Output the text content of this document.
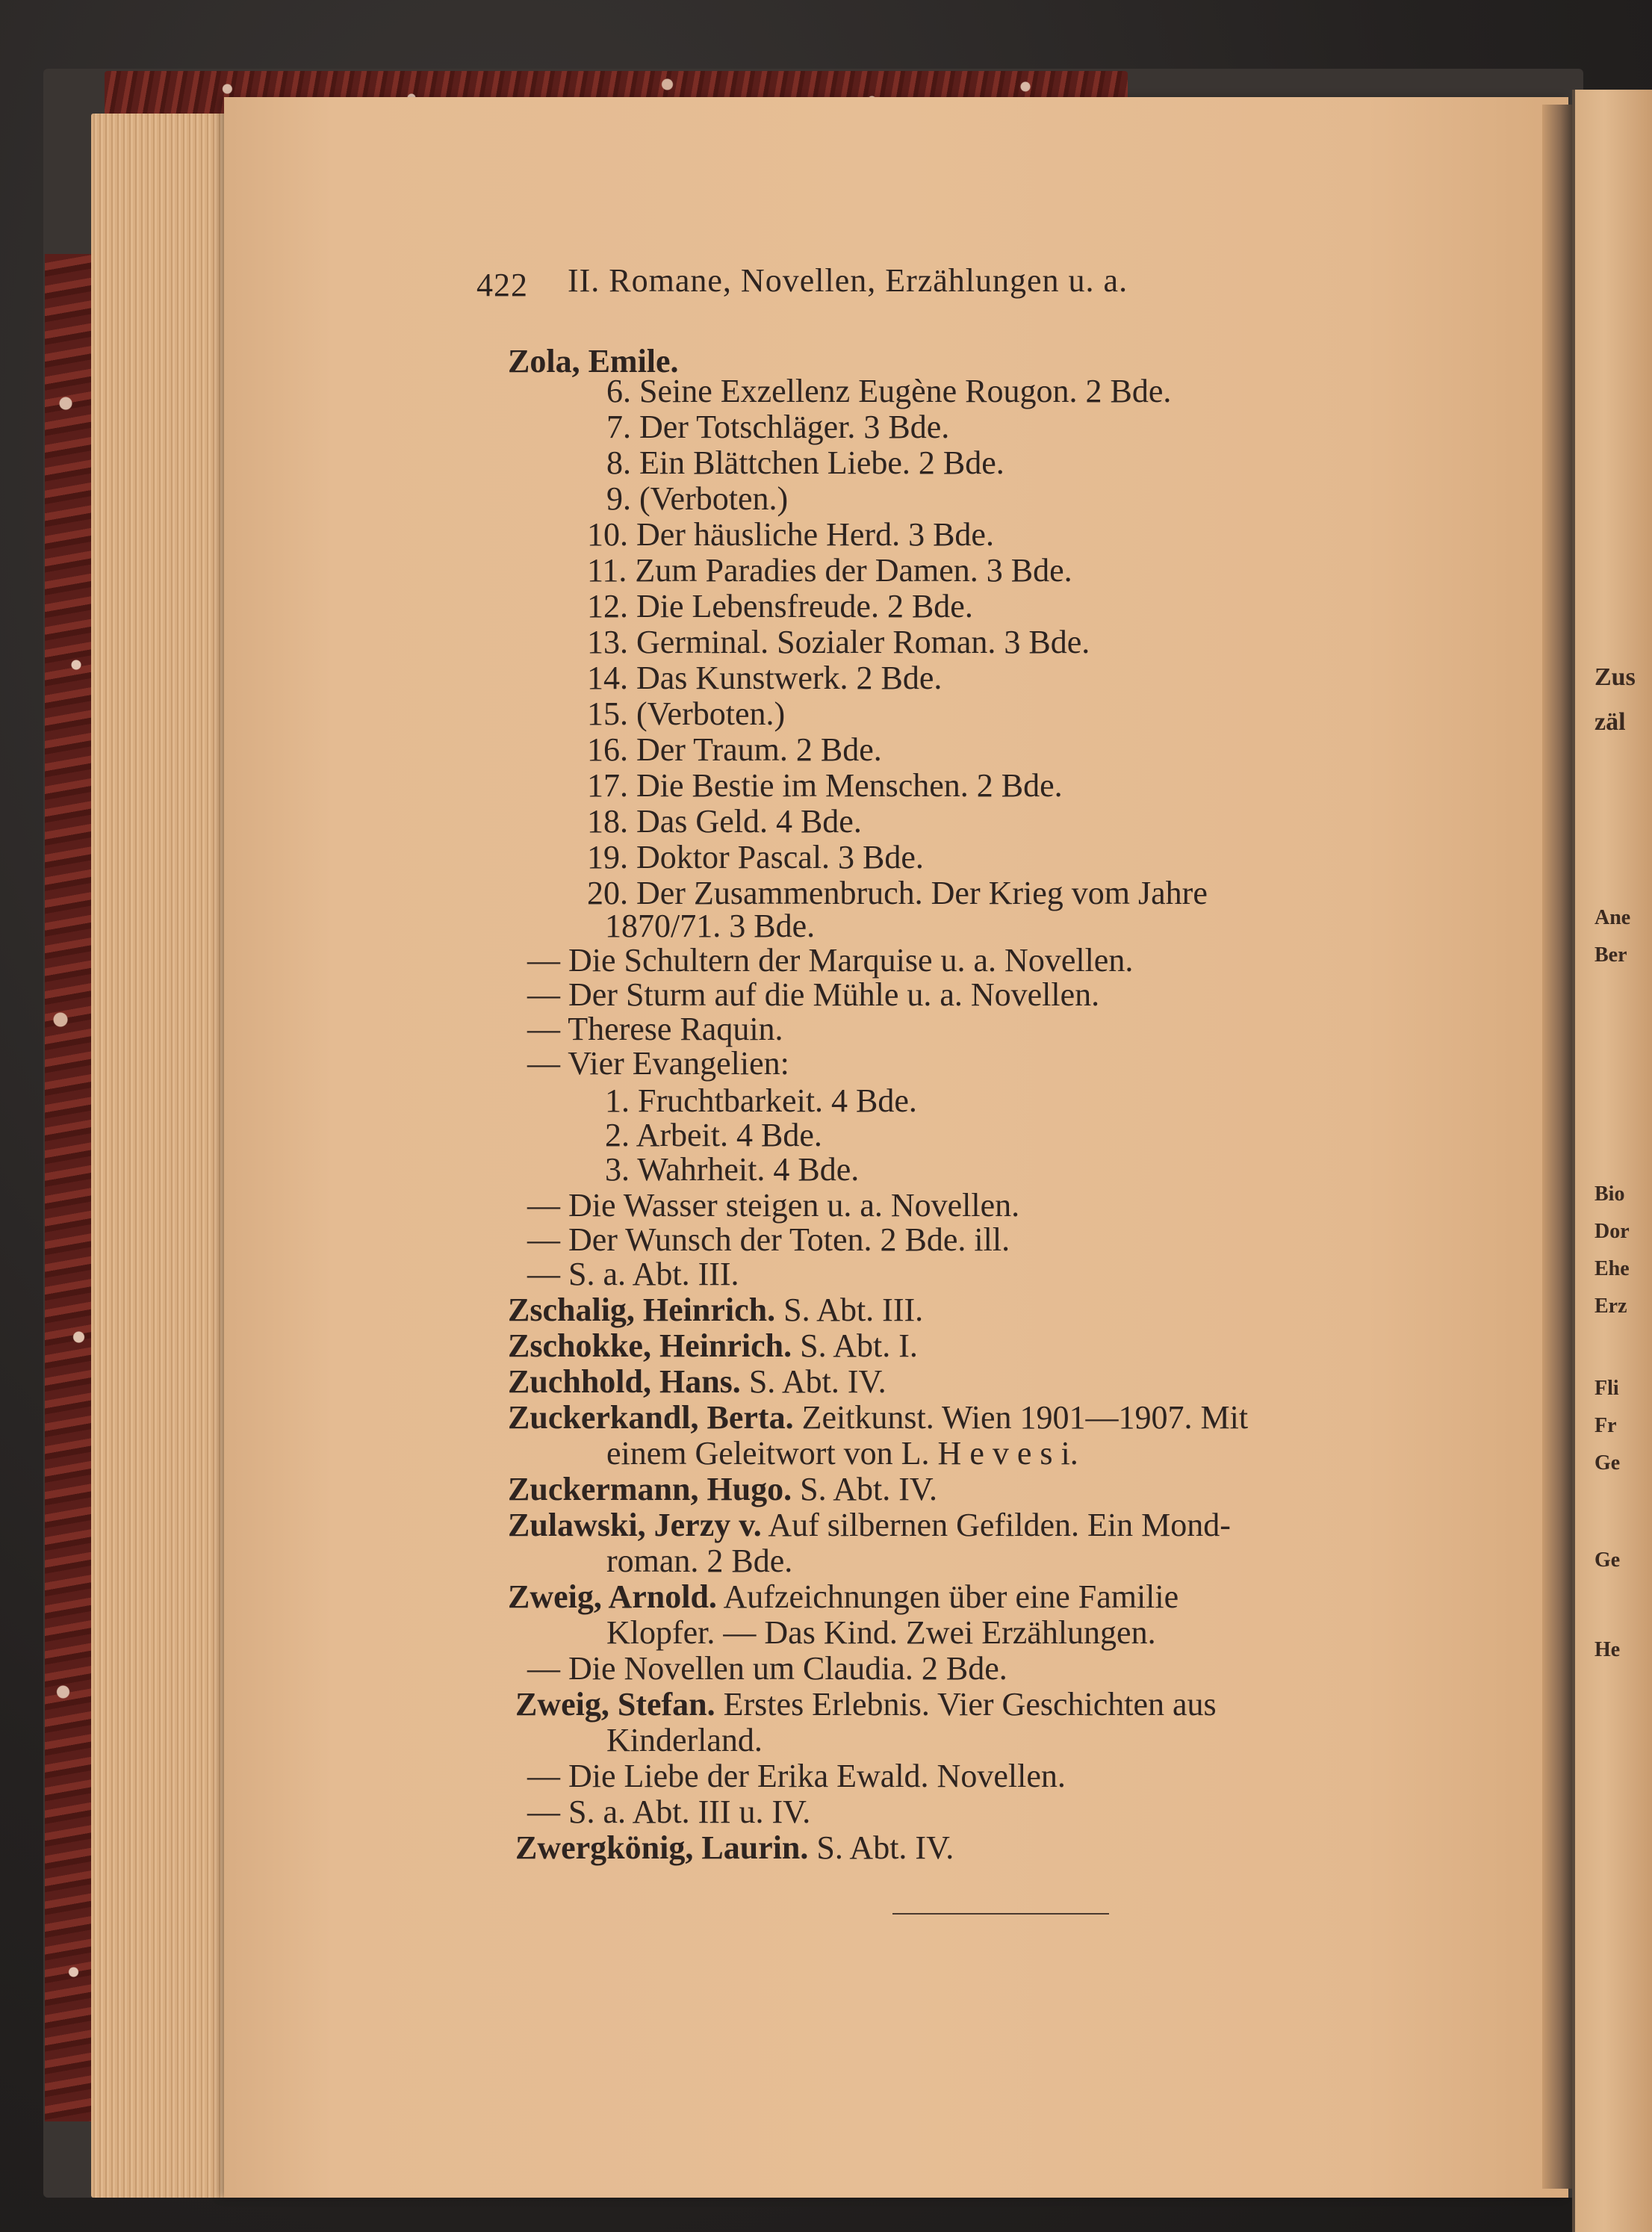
Zus
zäl
Ane
Ber
Bio
Dor
Ehe
Erz
Fli
Fr
Ge
Ge
He
422 II. Romane, Novellen, Erzählungen u. a.
Zola, Emile.
6. Seine Exzellenz Eugène Rougon. 2 Bde.
7. Der Totschläger. 3 Bde.
8. Ein Blättchen Liebe. 2 Bde.
9. (Verboten.)
10. Der häusliche Herd. 3 Bde.
11. Zum Paradies der Damen. 3 Bde.
12. Die Lebensfreude. 2 Bde.
13. Germinal. Sozialer Roman. 3 Bde.
14. Das Kunstwerk. 2 Bde.
15. (Verboten.)
16. Der Traum. 2 Bde.
17. Die Bestie im Menschen. 2 Bde.
18. Das Geld. 4 Bde.
19. Doktor Pascal. 3 Bde.
20. Der Zusammenbruch. Der Krieg vom Jahre
1870/71. 3 Bde.
— Die Schultern der Marquise u. a. Novellen.
— Der Sturm auf die Mühle u. a. Novellen.
— Therese Raquin.
— Vier Evangelien:
1. Fruchtbarkeit. 4 Bde.
2. Arbeit. 4 Bde.
3. Wahrheit. 4 Bde.
— Die Wasser steigen u. a. Novellen.
— Der Wunsch der Toten. 2 Bde. ill.
— S. a. Abt. III.
Zschalig, Heinrich. S. Abt. III.
Zschokke, Heinrich. S. Abt. I.
Zuchhold, Hans. S. Abt. IV.
Zuckerkandl, Berta. Zeitkunst. Wien 1901—1907. Mit
einem Geleitwort von L. H e v e s i.
Zuckermann, Hugo. S. Abt. IV.
Zulawski, Jerzy v. Auf silbernen Gefilden. Ein Mond-
roman. 2 Bde.
Zweig, Arnold. Aufzeichnungen über eine Familie
Klopfer. — Das Kind. Zwei Erzählungen.
— Die Novellen um Claudia. 2 Bde.
Zweig, Stefan. Erstes Erlebnis. Vier Geschichten aus
Kinderland.
— Die Liebe der Erika Ewald. Novellen.
— S. a. Abt. III u. IV.
Zwergkönig, Laurin. S. Abt. IV.
